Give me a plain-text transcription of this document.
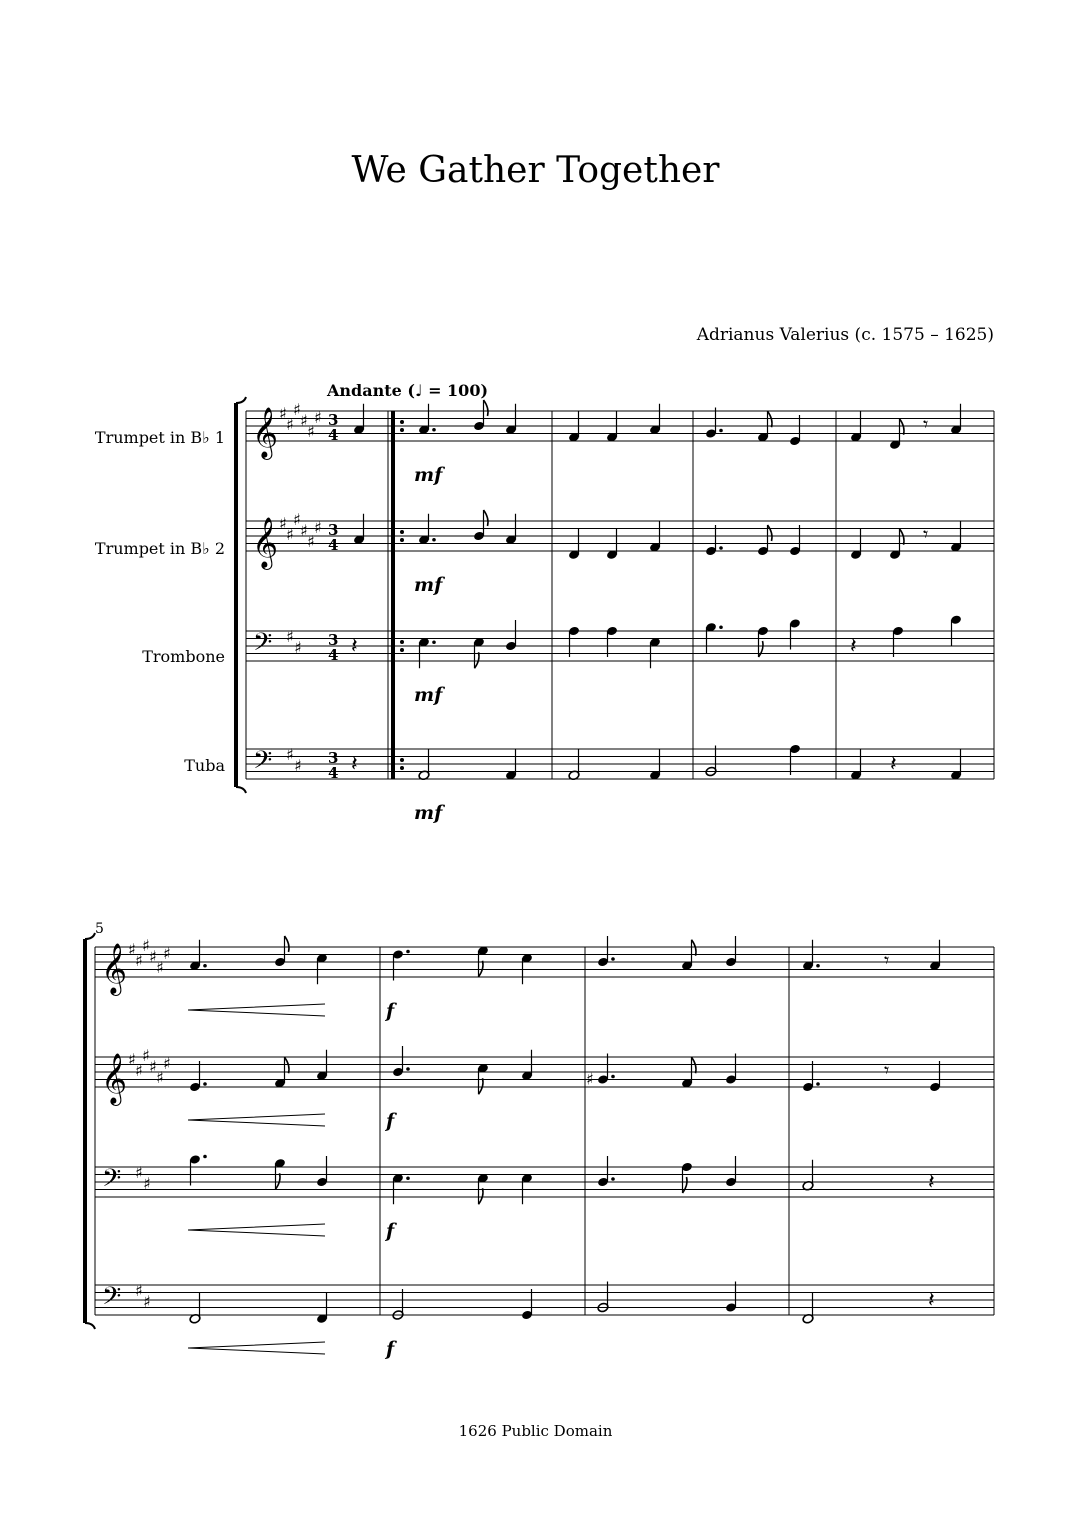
We Gather Together
Adrianus Valerius (c. 1575 – 1625)
Andante (♩ = 100)
Trumpet in B♭ 1
Trumpet in B♭ 2
Trombone
Tuba
5
𝄞 ♯
♯
♯
♯
♯
♯ 3
4
𝄞 ♯
♯
♯
♯
♯
♯ 3
4
𝄢 ♯
♯ 3
4
𝄢 ♯
♯ 3
4
𝄞 ♯
♯
♯
♯
♯
♯
𝄞 ♯
♯
♯
♯
♯
♯
𝄢 ♯
♯
𝄢 ♯
♯
𝄾
𝄾
𝄽	𝄽
𝄽	𝄽
𝄾
♯	𝄾
𝄽
𝄽
mf
mf
mf
mf
f
f
f
f
1626 Public Domain
